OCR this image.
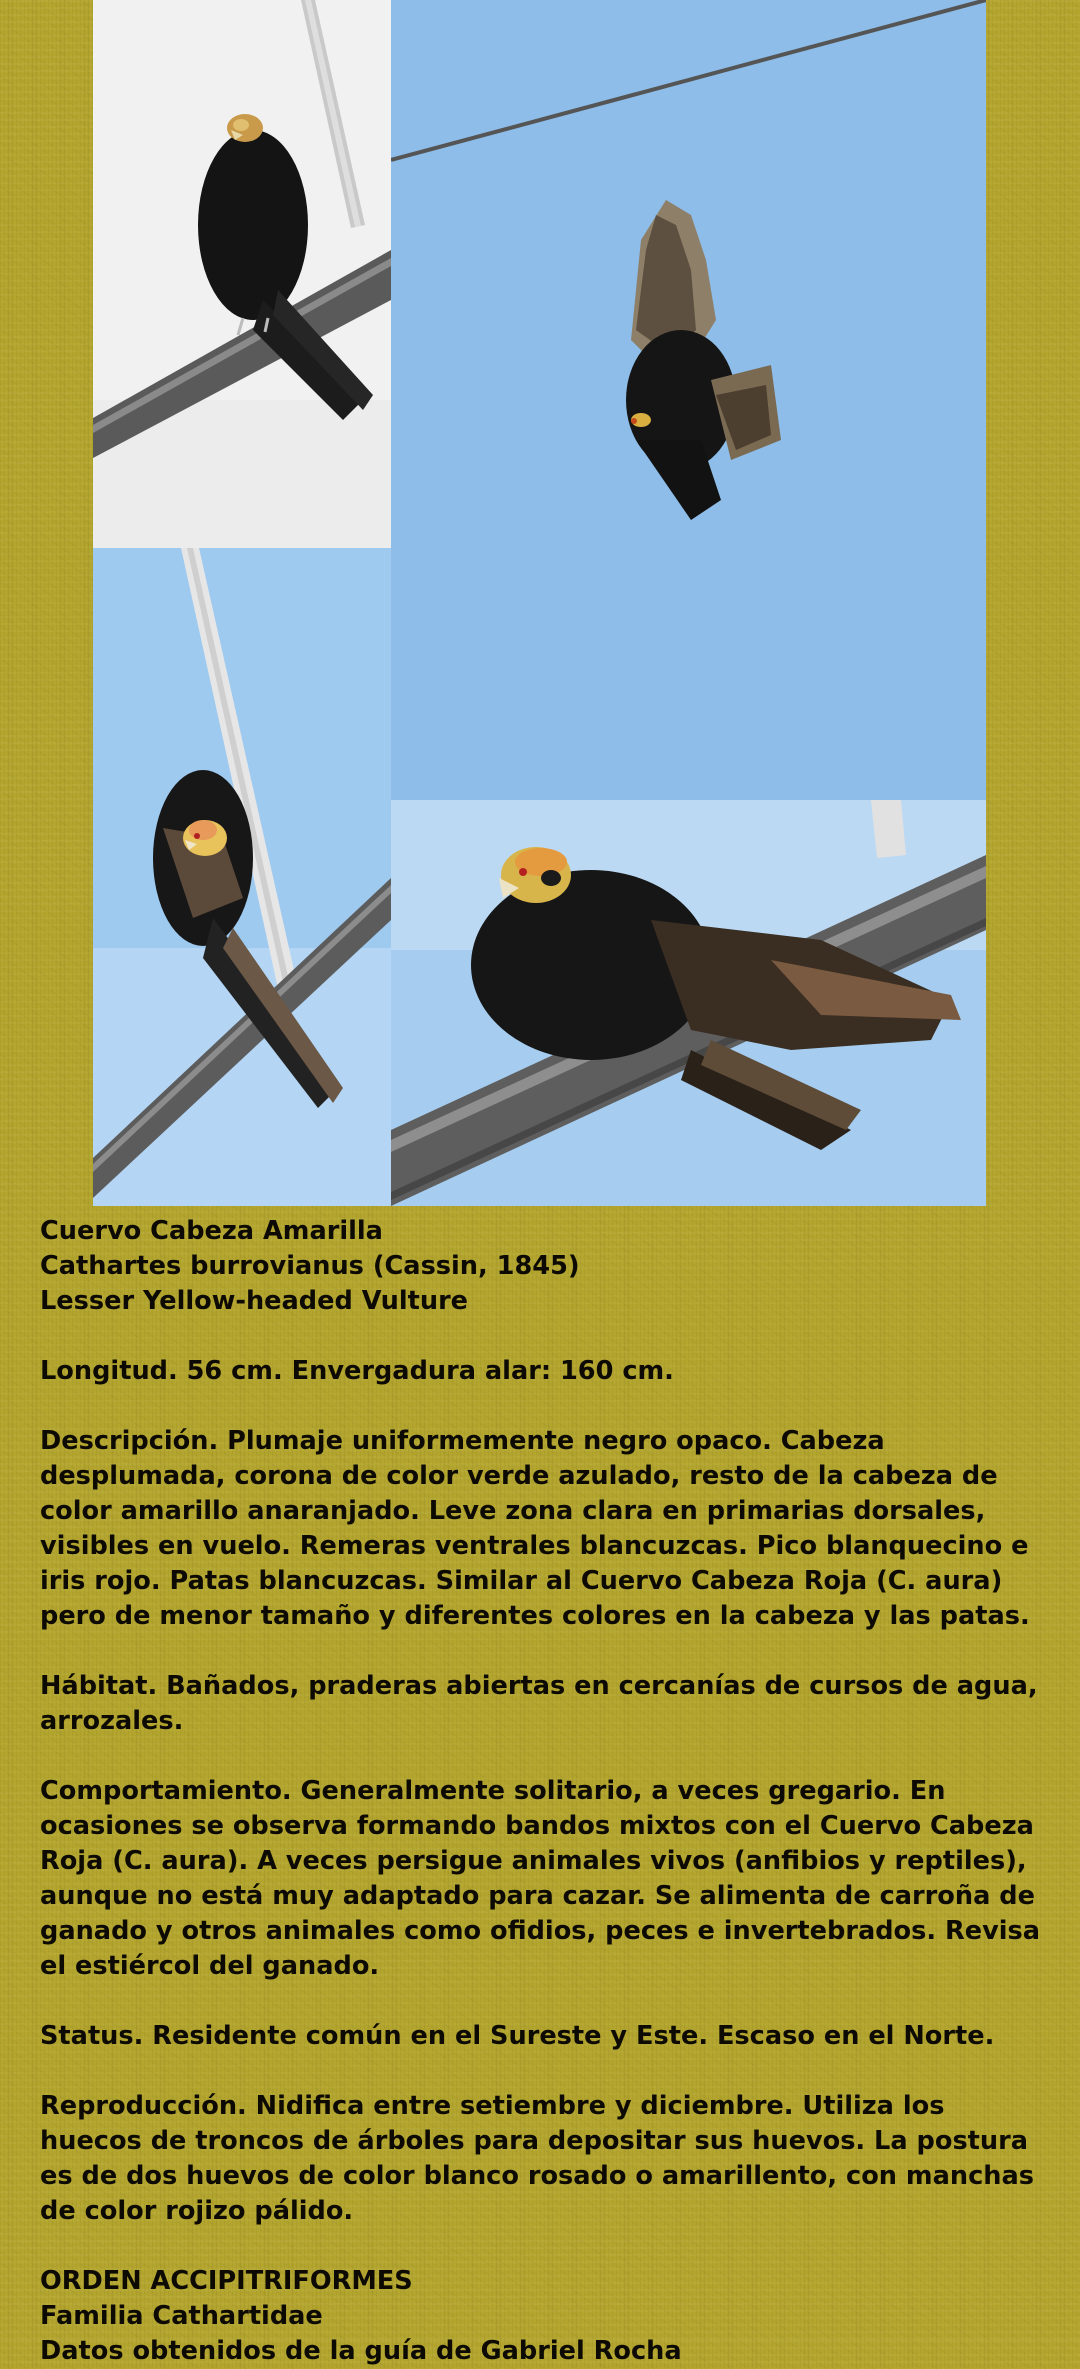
Cuervo Cabeza Amarilla

Cathartes burrovianus (Cassin, 1845)

Lesser Yellow-headed Vulture

Longitud. 56 cm. Envergadura alar: 160 cm.

Descripción. Plumaje uniformemente negro opaco. Cabeza desplumada, corona de color verde azulado, resto de la cabeza de color amarillo anaranjado. Leve zona clara en primarias dorsales, visibles en vuelo. Remeras ventrales blancuzcas. Pico blanquecino e iris rojo. Patas blancuzcas. Similar al Cuervo Cabeza Roja (C. aura) pero de menor tamaño y diferentes colores en la cabeza y las patas.

Hábitat. Bañados, praderas abiertas en cercanías de cursos de agua, arrozales.

Comportamiento. Generalmente solitario, a veces gregario. En ocasiones se observa formando bandos mixtos con el Cuervo Cabeza Roja (C. aura). A veces persigue animales vivos (anfibios y reptiles), aunque no está muy adaptado para cazar. Se alimenta de carroña de ganado y otros animales como ofidios, peces e invertebrados. Revisa el estiércol del ganado.

Status. Residente común en el Sureste y Este. Escaso en el Norte.

Reproducción. Nidifica entre setiembre y diciembre. Utiliza los huecos de troncos de árboles para depositar sus huevos. La postura es de dos huevos de color blanco rosado o amarillento, con manchas de color rojizo pálido.

ORDEN ACCIPITRIFORMES

Familia Cathartidae

Datos obtenidos de la guía de Gabriel Rocha
